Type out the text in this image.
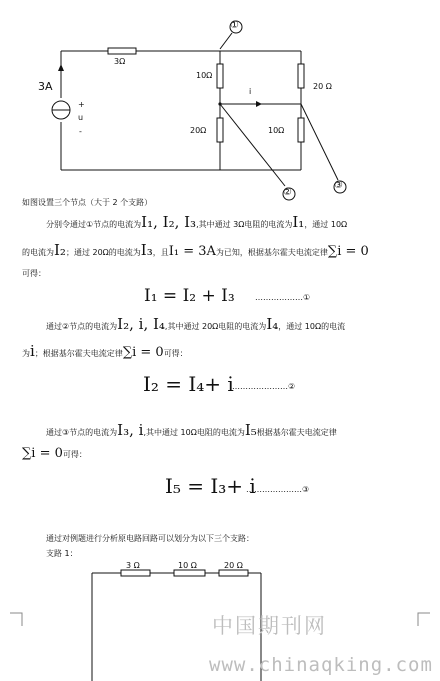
3A
+
u
-
3Ω
10Ω
20Ω
20 Ω
10Ω
i
①
②
③
如图设置三个节点（大于 2 个支路）
分别令通过①节点的电流为I₁, I₂, I₃,其中通过 3Ω电阻的电流为I₁，通过 10Ω
的电流为I₂；通过 20Ω的电流为I₃，且I₁ = 3A为已知，根据基尔霍夫电流定律∑i = 0
可得：
I₁ = I₂ + I₃	………………①
通过②节点的电流为I₂, i, I₄,其中通过 20Ω电阻的电流为I₄，通过 10Ω的电流
为i；根据基尔霍夫电流定律∑i = 0可得：
I₂ = I₄+ i
…………………②
通过③节点的电流为I₃, i,其中通过 10Ω电阻的电流为I₅根据基尔霍夫电流定律
∑i = 0可得：
I₅ = I₃+ i
…………………③
通过对例题进行分析原电路回路可以划分为以下三个支路：
支路 1：
3 Ω	10 Ω	20 Ω
中国期刊网
www.chinaqking.com
